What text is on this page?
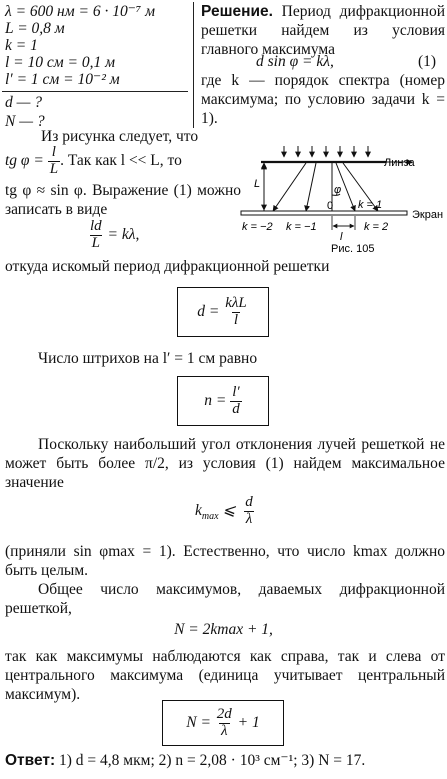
λ = 600 нм = 6 · 10⁻⁷ м
L = 0,8 м
k = 1
l = 10 см = 0,1 м
l′ = 1 см = 10⁻² м
d — ?
N — ?
Решение. Период дифракционной решетки найдем из условия главного максимума
d sin φ = kλ,	(1)
где k — порядок спектра (номер максимума; по условию задачи k = 1).
Из рисунка следует, что
tg $\varphi = \frac{l}{L}$ . Так как l << L, то
tg φ ≈ sin φ. Выражение (1) можно записать в виде
$\frac{ld}{L} = k\lambda$,
Линза
L	φ
Экран
0 k = 1
l
k = −2 k = −1	k = 2
Рис. 105
откуда искомый период дифракционной решетки
$d = \frac{\text{kλL}}{l}$
Число штрихов на l′ = 1 см равно
$n = \frac{l'}{d}$
Поскольку наибольший угол отклонения лучей решеткой не может быть более π/2, из условия (1) найдем максимальное значение
$k_{max}$ ⩽ $\frac{d}{\lambda}$
(приняли sin φmax = 1). Естественно, что число kmax должно быть целым.
Общее число максимумов, даваемых дифракционной решеткой,
N = 2kmax + 1,
так как максимумы наблюдаются как справа, так и слева от центрального максимума (единица учитывает центральный максимум).
$N = \frac{2d}{\lambda} + 1$
Ответ: 1) d = 4,8 мкм; 2) n = 2,08 · 10³ см⁻¹; 3) N = 17.
